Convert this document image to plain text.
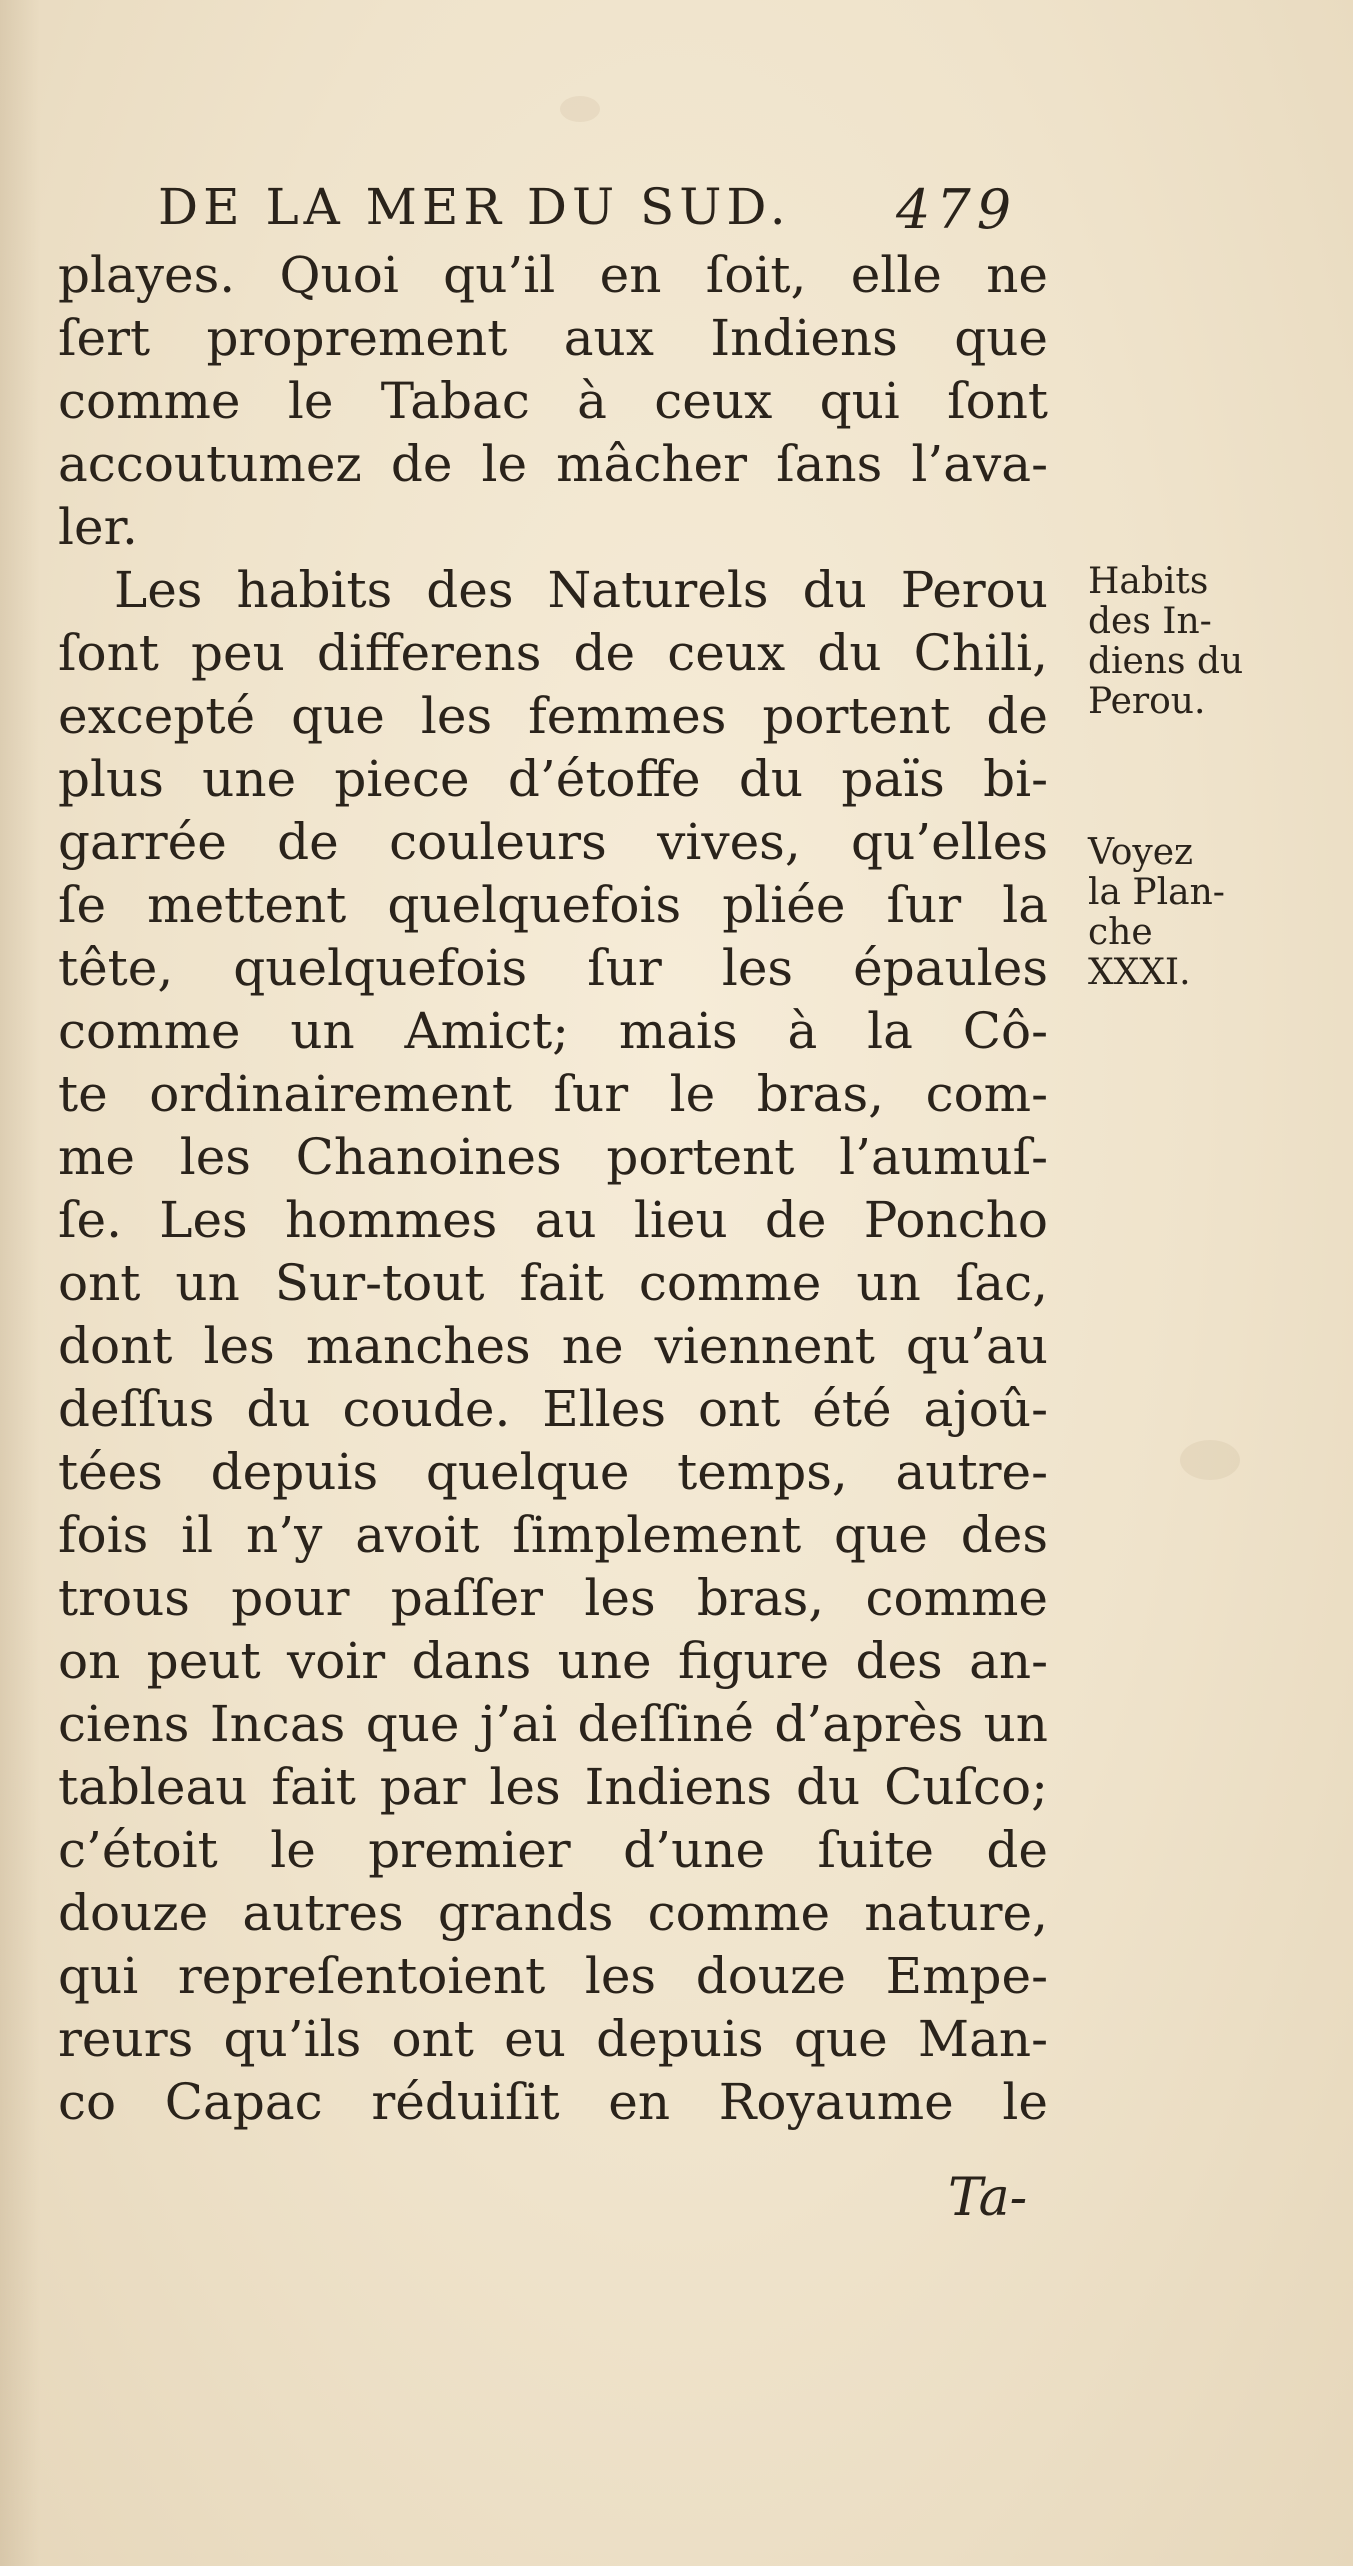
DE LA MER DU SUD. 479
playes. Quoi qu’il en ſoit, elle ne
ſert proprement aux Indiens que
comme le Tabac à ceux qui ſont
accoutumez de le mâcher ſans l’ava-
ler.
Les habits des Naturels du Perou
ſont peu differens de ceux du Chili,
excepté que les femmes portent de
plus une piece d’étoffe du païs bi-
garrée de couleurs vives, qu’elles
ſe mettent quelquefois pliée ſur la
tête, quelquefois ſur les épaules
comme un Amict; mais à la Cô-
te ordinairement ſur le bras, com-
me les Chanoines portent l’aumuſ-
ſe. Les hommes au lieu de Poncho
ont un Sur-tout fait comme un ſac,
dont les manches ne viennent qu’au
deſſus du coude. Elles ont été ajoû-
tées depuis quelque temps, autre-
fois il n’y avoit ſimplement que des
trous pour paſſer les bras, comme
on peut voir dans une figure des an-
ciens Incas que j’ai deſſiné d’après un
tableau fait par les Indiens du Cuſco;
c’étoit le premier d’une ſuite de
douze autres grands comme nature,
qui repreſentoient les douze Empe-
reurs qu’ils ont eu depuis que Man-
co Capac réduiſit en Royaume le
Ta-
Habits
des In-
diens du
Perou.
Voyez
la Plan-
che
XXXI.
